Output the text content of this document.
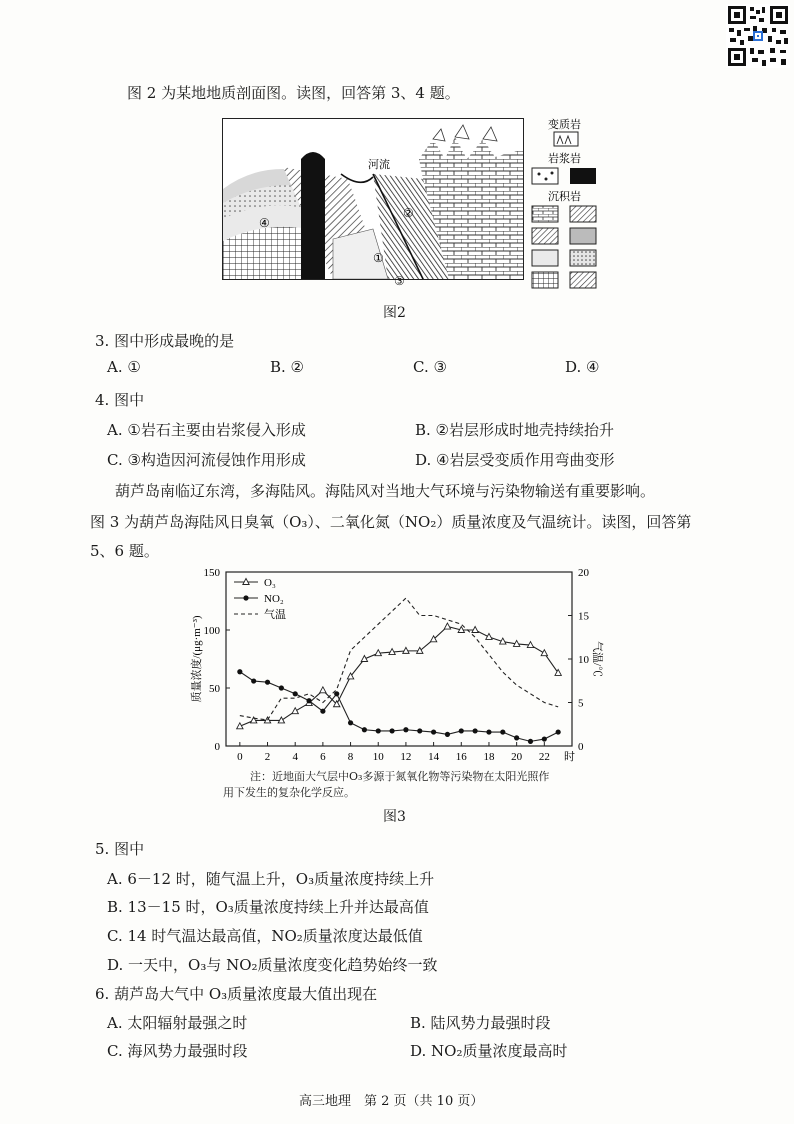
图 2 为某地地质剖面图。读图，回答第 3、4 题。
河流
①
②
④
③
变质岩
岩浆岩
沉积岩
图2
3. 图中形成最晚的是
A. ①	B. ②	C. ③	D. ④
4. 图中
A. ①岩石主要由岩浆侵入形成	B. ②岩层形成时地壳持续抬升
C. ③构造因河流侵蚀作用形成	D. ④岩层受变质作用弯曲变形
葫芦岛南临辽东湾，多海陆风。海陆风对当地大气环境与污染物输送有重要影响。
图 3 为葫芦岛海陆风日臭氧（O₃）、二氧化氮（NO₂）质量浓度及气温统计。读图，回答第
5、6 题。
0
50
100
150
0
5
10
15
20
0 2 4 6 8 10 12 14 16 18 20 22 时
质量浓度/(μg·m⁻³)	气温/℃
O₃
NO₂
气温
注：近地面大气层中O₃多源于氮氧化物等污染物在太阳光照作
用下发生的复杂化学反应。
图3
5. 图中
A. 6－12 时，随气温上升，O₃质量浓度持续上升
B. 13－15 时，O₃质量浓度持续上升并达最高值
C. 14 时气温达最高值，NO₂质量浓度达最低值
D. 一天中，O₃与 NO₂质量浓度变化趋势始终一致
6. 葫芦岛大气中 O₃质量浓度最大值出现在
A. 太阳辐射最强之时	B. 陆风势力最强时段
C. 海风势力最强时段	D. NO₂质量浓度最高时
高三地理　第 2 页（共 10 页）
